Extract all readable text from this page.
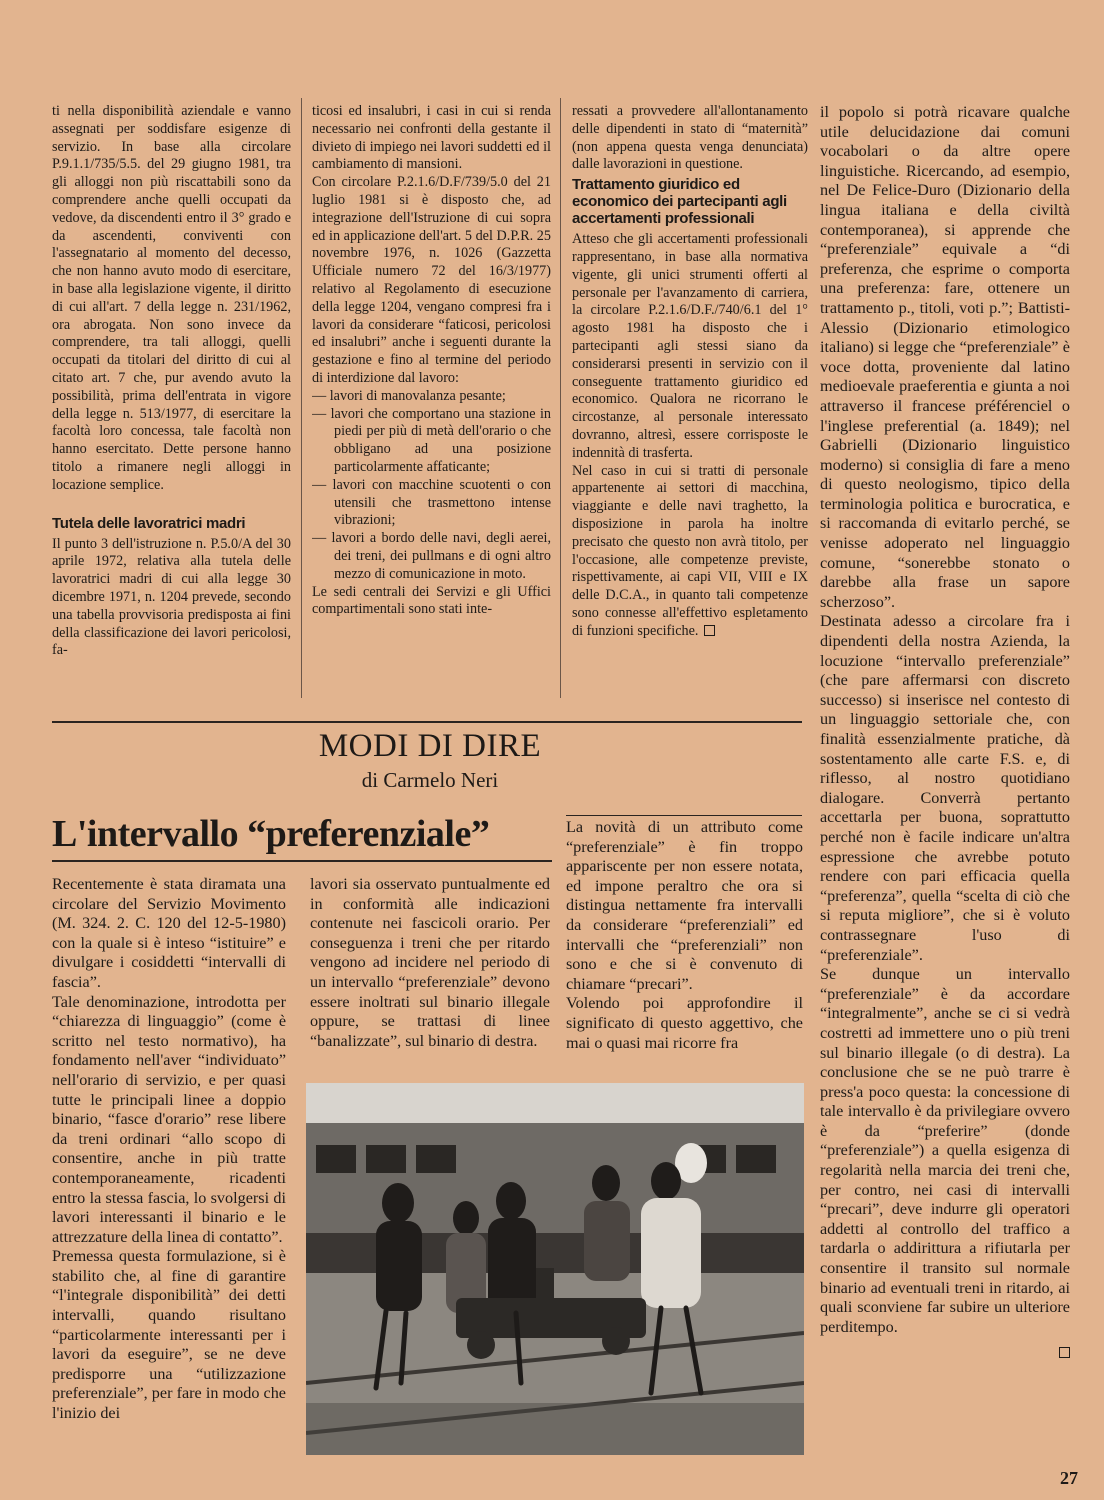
ti nella disponibilità aziendale e vanno assegnati per soddisfare esigenze di servizio. In base alla circolare P.9.1.1/735/5.5. del 29 giugno 1981, tra gli alloggi non più riscattabili sono da comprendere anche quelli occupati da vedove, da discendenti entro il 3° grado e da ascendenti, conviventi con l'assegnatario al momento del decesso, che non hanno avuto modo di esercitare, in base alla legislazione vigente, il diritto di cui all'art. 7 della legge n. 231/1962, ora abrogata. Non sono invece da comprendere, tra tali alloggi, quelli occupati da titolari del diritto di cui al citato art. 7 che, pur avendo avuto la possibilità, prima dell'entrata in vigore della legge n. 513/1977, di esercitare la facoltà loro concessa, tale facoltà non hanno esercitato. Dette persone hanno titolo a rimanere negli alloggi in locazione semplice.

Tutela delle lavoratrici madri

Il punto 3 dell'istruzione n. P.5.0/A del 30 aprile 1972, relativa alla tutela delle lavoratrici madri di cui alla legge 30 dicembre 1971, n. 1204 prevede, secondo una tabella provvisoria predisposta ai fini della classificazione dei lavori pericolosi, fa-

ticosi ed insalubri, i casi in cui si renda necessario nei confronti della gestante il divieto di impiego nei lavori suddetti ed il cambiamento di mansioni.

Con circolare P.2.1.6/D.F/739/5.0 del 21 luglio 1981 si è disposto che, ad integrazione dell'Istruzione di cui sopra ed in applicazione dell'art. 5 del D.P.R. 25 novembre 1976, n. 1026 (Gazzetta Ufficiale numero 72 del 16/3/1977) relativo al Regolamento di esecuzione della legge 1204, vengano compresi fra i lavori da considerare “faticosi, pericolosi ed insalubri” anche i seguenti durante la gestazione e fino al termine del periodo di interdizione dal lavoro:

— lavori di manovalanza pesante;

— lavori che comportano una stazione in piedi per più di metà dell'orario o che obbligano ad una posizione particolarmente affaticante;

— lavori con macchine scuotenti o con utensili che trasmettono intense vibrazioni;

— lavori a bordo delle navi, degli aerei, dei treni, dei pullmans e di ogni altro mezzo di comunicazione in moto.

Le sedi centrali dei Servizi e gli Uffici compartimentali sono stati inte-

ressati a provvedere all'allontanamento delle dipendenti in stato di “maternità” (non appena questa venga denunciata) dalle lavorazioni in questione.

Trattamento giuridico ed economico dei partecipanti agli accertamenti professionali

Atteso che gli accertamenti professionali rappresentano, in base alla normativa vigente, gli unici strumenti offerti al personale per l'avanzamento di carriera, la circolare P.2.1.6/D.F./740/6.1 del 1° agosto 1981 ha disposto che i partecipanti agli stessi siano da considerarsi presenti in servizio con il conseguente trattamento giuridico ed economico. Qualora ne ricorrano le circostanze, al personale interessato dovranno, altresì, essere corrisposte le indennità di trasferta.

Nel caso in cui si tratti di personale appartenente ai settori di macchina, viaggiante e delle navi traghetto, la disposizione in parola ha inoltre precisato che questo non avrà titolo, per l'occasione, alle competenze previste, rispettivamente, ai capi VII, VIII e IX delle D.C.A., in quanto tali competenze sono connesse all'effettivo espletamento di funzioni specifiche.

MODI DI DIRE
di Carmelo Neri
L'intervallo “preferenziale”

Recentemente è stata diramata una circolare del Servizio Movimento (M. 324. 2. C. 120 del 12-5-1980) con la quale si è inteso “istituire” e divulgare i cosiddetti “intervalli di fascia”.

Tale denominazione, introdotta per “chiarezza di linguaggio” (come è scritto nel testo normativo), ha fondamento nell'aver “individuato” nell'orario di servizio, e per quasi tutte le principali linee a doppio binario, “fasce d'orario” rese libere da treni ordinari “allo scopo di consentire, anche in più tratte contemporaneamente, ricadenti entro la stessa fascia, lo svolgersi di lavori interessanti il binario e le attrezzature della linea di contatto”.

Premessa questa formulazione, si è stabilito che, al fine di garantire “l'integrale disponibilità” dei detti intervalli, quando risultano “particolarmente interessanti per i lavori da eseguire”, se ne deve predisporre una “utilizzazione preferenziale”, per fare in modo che l'inizio dei

lavori sia osservato puntualmente ed in conformità alle indicazioni contenute nei fascicoli orario. Per conseguenza i treni che per ritardo vengono ad incidere nel periodo di un intervallo “preferenziale” devono essere inoltrati sul binario illegale oppure, se trattasi di linee “banalizzate”, sul binario di destra.

La novità di un attributo come “preferenziale” è fin troppo appariscente per non essere notata, ed impone peraltro che ora si distingua nettamente fra intervalli da considerare “preferenziali” ed intervalli che “preferenziali” non sono e che si è convenuto di chiamare “precari”.

Volendo poi approfondire il significato di questo aggettivo, che mai o quasi mai ricorre fra

il popolo si potrà ricavare qualche utile delucidazione dai comuni vocabolari o da altre opere linguistiche. Ricercando, ad esempio, nel De Felice-Duro (Dizionario della lingua italiana e della civiltà contemporanea), si apprende che “preferenziale” equivale a “di preferenza, che esprime o comporta una preferenza: fare, ottenere un trattamento p., titoli, voti p.”; Battisti-Alessio (Dizionario etimologico italiano) si legge che “preferenziale” è voce dotta, proveniente dal latino medioevale praeferentia e giunta a noi attraverso il francese préférenciel o l'inglese preferential (a. 1849); nel Gabrielli (Dizionario linguistico moderno) si consiglia di fare a meno di questo neologismo, tipico della terminologia politica e burocratica, e si raccomanda di evitarlo perché, se venisse adoperato nel linguaggio comune, “sonerebbe stonato o darebbe alla frase un sapore scherzoso”.

Destinata adesso a circolare fra i dipendenti della nostra Azienda, la locuzione “intervallo preferenziale” (che pare affermarsi con discreto successo) si inserisce nel contesto di un linguaggio settoriale che, con finalità essenzialmente pratiche, dà sostentamento alle carte F.S. e, di riflesso, al nostro quotidiano dialogare. Converrà pertanto accettarla per buona, soprattutto perché non è facile indicare un'altra espressione che avrebbe potuto rendere con pari efficacia quella “preferenza”, quella “scelta di ciò che si reputa migliore”, che si è voluto contrassegnare l'uso di “preferenziale”.

Se dunque un intervallo “preferenziale” è da accordare “integralmente”, anche se ci si vedrà costretti ad immettere uno o più treni sul binario illegale (o di destra). La conclusione che se ne può trarre è press'a poco questa: la concessione di tale intervallo è da privilegiare ovvero è da “preferire” (donde “preferenziale”) a quella esigenza di regolarità nella marcia dei treni che, per contro, nei casi di intervalli “precari”, deve indurre gli operatori addetti al controllo del traffico a tardarla o addirittura a rifiutarla per consentire il transito sul normale binario ad eventuali treni in ritardo, ai quali sconviene far subire un ulteriore perditempo.

27
